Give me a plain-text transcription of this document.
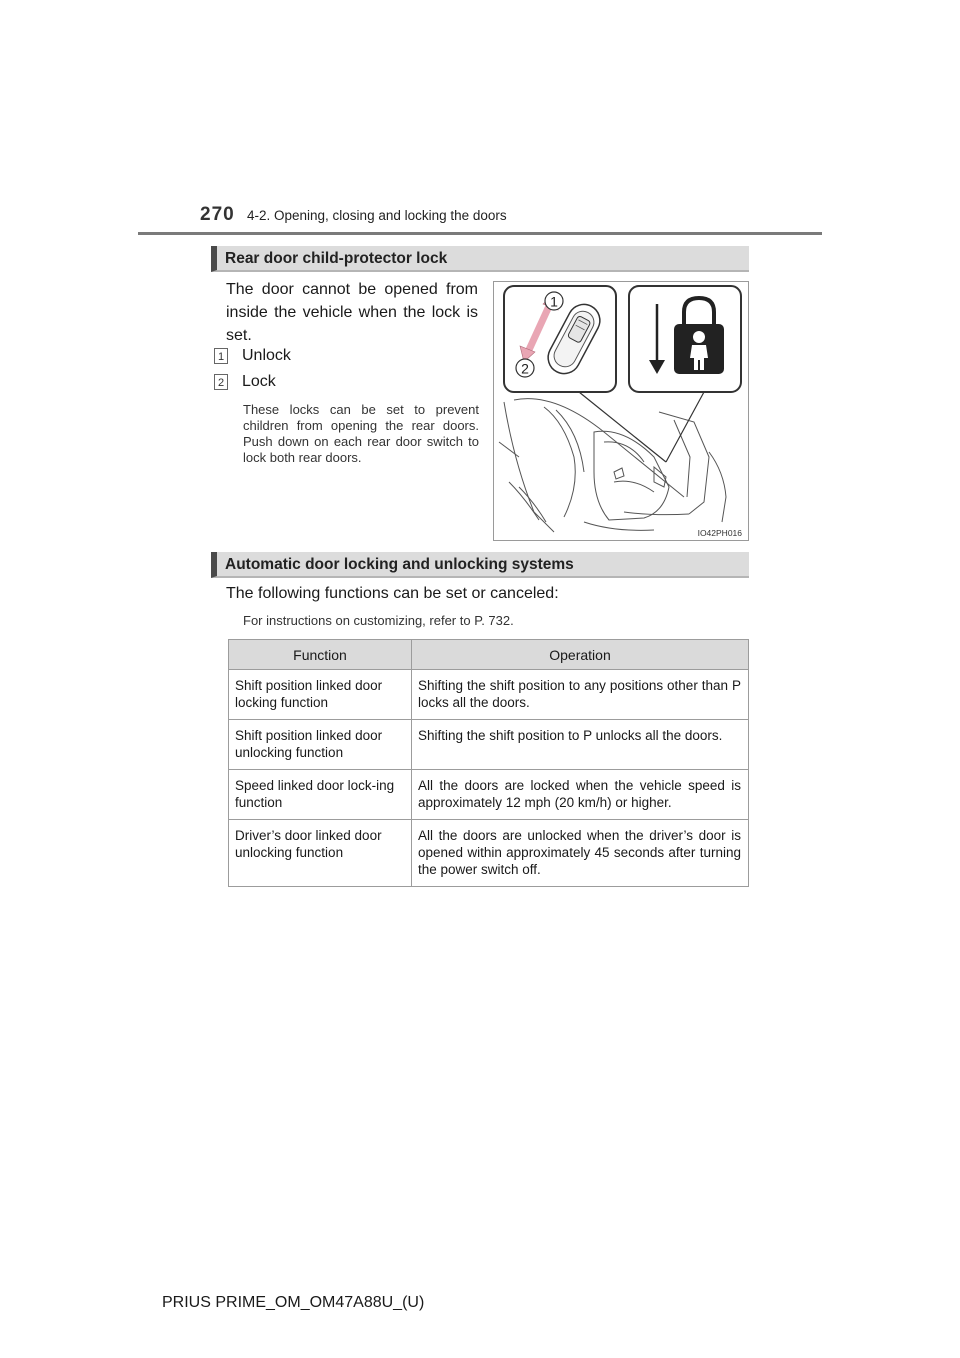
270 4-2. Opening, closing and locking the doors
Rear door child-protector lock
The door cannot be opened from inside the vehicle when the lock is set.
1 Unlock
2 Lock
These locks can be set to prevent children from opening the rear doors. Push down on each rear door switch to lock both rear doors.
1
2
IO42PH016
Automatic door locking and unlocking systems
The following functions can be set or canceled:
For instructions on customizing, refer to P. 732.
Function	Operation
Shift position linked door locking function	Shifting the shift position to any positions other than P locks all the doors.
Shift position linked door unlocking function	Shifting the shift position to P unlocks all the doors.
Speed linked door lock-ing function	All the doors are locked when the vehicle speed is approximately 12 mph (20 km/h) or higher.
Driver’s door linked door unlocking function	All the doors are unlocked when the driver’s door is opened within approximately 45 seconds after turning the power switch off.
PRIUS PRIME_OM_OM47A88U_(U)
